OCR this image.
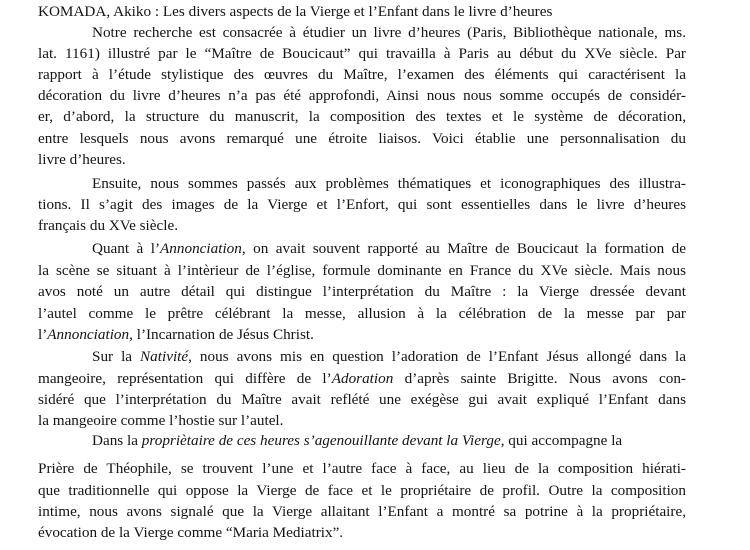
KOMADA, Akiko : Les divers aspects de la Vierge et l’Enfant dans le livre d’heures
Notre recherche est consacrée à étudier un livre d’heures (Paris, Bibliothèque nationale, ms.
lat. 1161) illustré par le “Maître de Boucicaut” qui travailla à Paris au début du XVe siècle. Par
rapport à l’étude stylistique des œuvres du Maître, l’examen des éléments qui caractérisent la
décoration du livre d’heures n’a pas été approfondi, Ainsi nous nous somme occupés de considér-
er, d’abord, la structure du manuscrit, la composition des textes et le système de décoration,
entre lesquels nous avons remarqué une étroite liaisos. Voici établie une personnalisation du
livre d’heures.
Ensuite, nous sommes passés aux problèmes thématiques et iconographiques des illustra-
tions. Il s’agit des images de la Vierge et l’Enfort, qui sont essentielles dans le livre d’heures
français du XVe siècle.
Quant à l’Annonciation, on avait souvent rapporté au Maître de Boucicaut la formation de
la scène se situant à l’intèrieur de l’église, formule dominante en France du XVe siècle. Mais nous
avos noté un autre détail qui distingue l’interprétation du Maître : la Vierge dressée devant
l’autel comme le prêtre célébrant la messe, allusion à la célébration de la messe par par
l’Annonciation, l’Incarnation de Jésus Christ.
Sur la Nativité, nous avons mis en question l’adoration de l’Enfant Jésus allongé dans la
mangeoire, représentation qui diffère de l’Adoration d’après sainte Brigitte. Nous avons con-
sidéré que l’interprétation du Maître avait reflété une exégèse gui avait expliqué l’Enfant dans
la mangeoire comme l’hostie sur l’autel.
Dans la propriètaire de ces heures s’agenouillante devant la Vierge, qui accompagne la
Prière de Théophile, se trouvent l’une et l’autre face à face, au lieu de la composition hiérati-
que traditionnelle qui oppose la Vierge de face et le propriétaire de profil. Outre la composition
intime, nous avons signalé que la Vierge allaitant l’Enfant a montré sa potrine à la propriétaire,
évocation de la Vierge comme “Maria Mediatrix”.
